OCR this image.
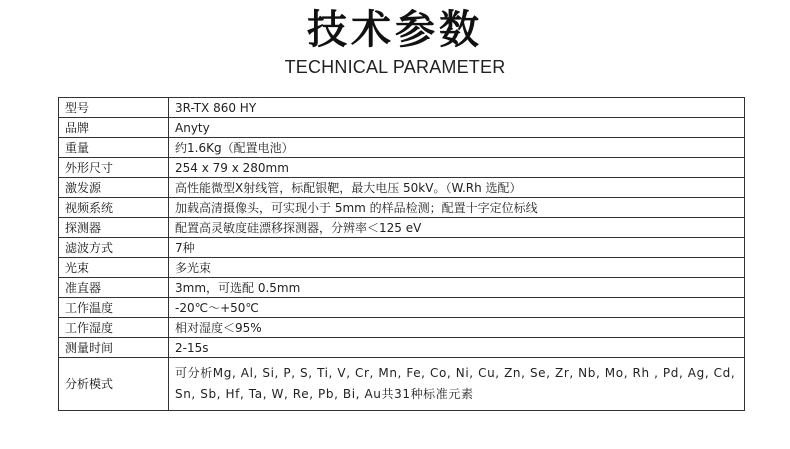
技术参数
TECHNICAL PARAMETER
型号	3R-TX 860 HY
品牌	Anyty
重量	约1.6Kg（配置电池）
外形尺寸	254 x 79 x 280mm
激发源	高性能微型X射线管，标配银靶，最大电压 50kV。（W.Rh 选配）
视频系统	加载高清摄像头，可实现小于 5mm 的样品检测；配置十字定位标线
探测器	配置高灵敏度硅漂移探测器，分辨率＜125 eV
滤波方式	7种
光束	多光束
准直器	3mm，可选配 0.5mm
工作温度	-20℃～+50℃
工作湿度	相对湿度＜95%
测量时间	2-15s
分析模式	可分析Mg, Al, Si, P, S, Ti, V, Cr, Mn, Fe, Co, Ni, Cu, Zn, Se, Zr, Nb, Mo, Rh , Pd, Ag, Cd, Sn, Sb, Hf, Ta, W, Re, Pb, Bi, Au共31种标准元素
